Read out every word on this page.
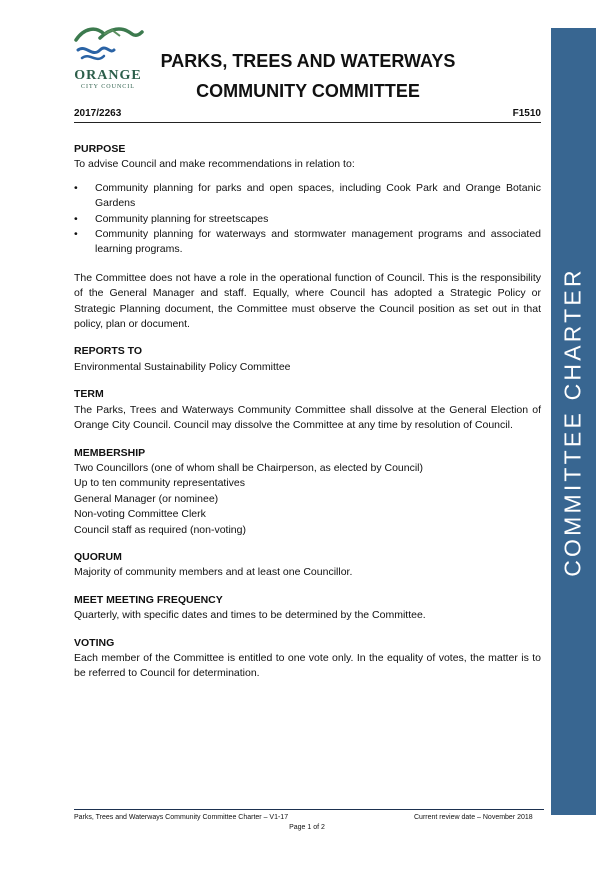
ORANGE
CITY COUNCIL
PARKS, TREES AND WATERWAYS
COMMUNITY COMMITTEE
2017/2263	F1510
PURPOSE

To advise Council and make recommendations in relation to:

• Community planning for parks and open spaces, including Cook Park and Orange Botanic Gardens
• Community planning for streetscapes
• Community planning for waterways and stormwater management programs and associated learning programs.

The Committee does not have a role in the operational function of Council. This is the responsibility of the General Manager and staff. Equally, where Council has adopted a Strategic Policy or Strategic Planning document, the Committee must observe the Council position as set out in that policy, plan or document.

REPORTS TO

Environmental Sustainability Policy Committee

TERM

The Parks, Trees and Waterways Community Committee shall dissolve at the General Election of Orange City Council. Council may dissolve the Committee at any time by resolution of Council.

MEMBERSHIP

Two Councillors (one of whom shall be Chairperson, as elected by Council)

Up to ten community representatives

General Manager (or nominee)

Non-voting Committee Clerk

Council staff as required (non-voting)

QUORUM

Majority of community members and at least one Councillor.

MEET MEETING FREQUENCY

Quarterly, with specific dates and times to be determined by the Committee.

VOTING

Each member of the Committee is entitled to one vote only. In the equality of votes, the matter is to be referred to Council for determination.

COMMITTEE CHARTER
Parks, Trees and Waterways Community Committee Charter – V1-17	Current review date – November 2018
Page 1 of 2
